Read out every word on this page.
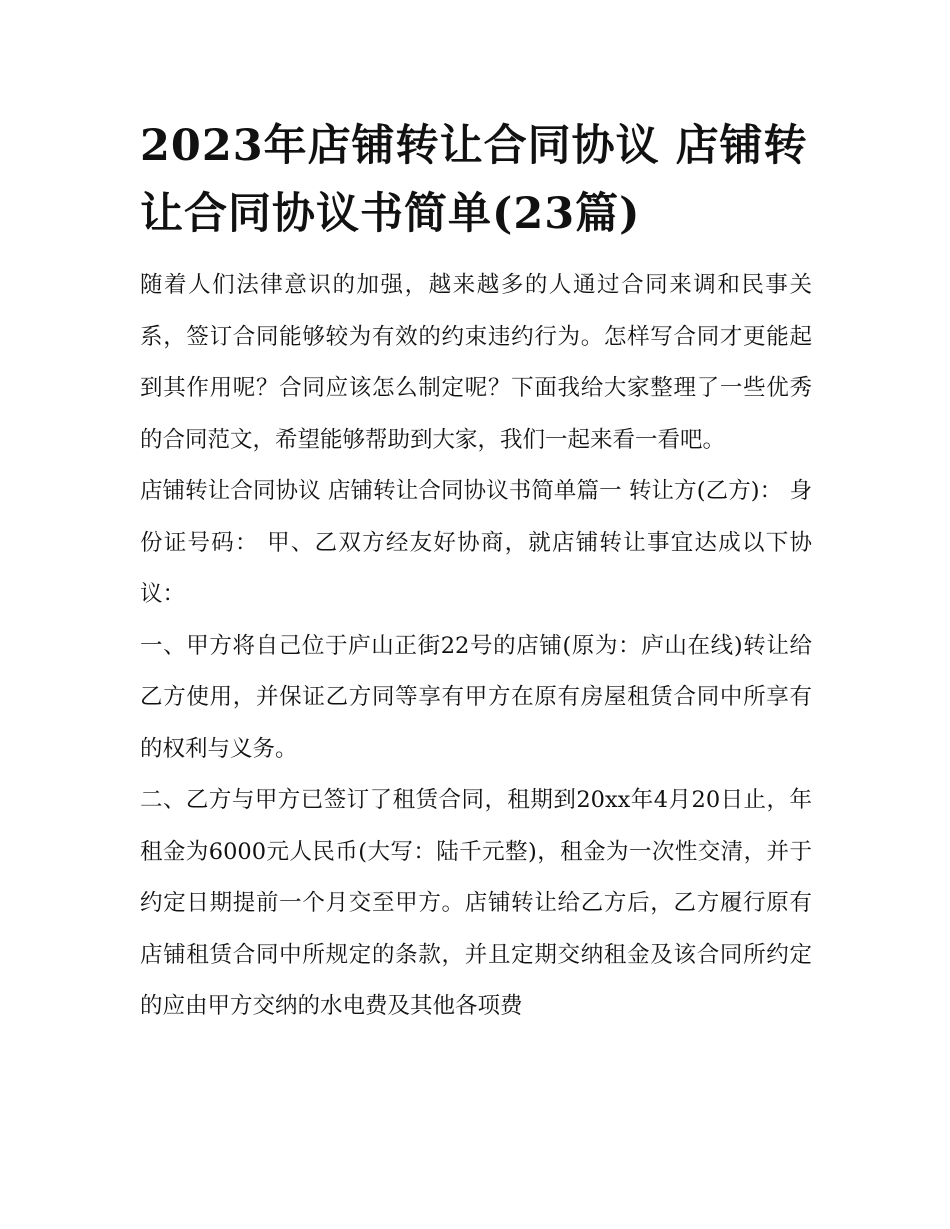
2023年店铺转让合同协议 店铺转让合同协议书简单(23篇)

随着人们法律意识的加强，越来越多的人通过合同来调和民事关系，签订合同能够较为有效的约束违约行为。怎样写合同才更能起到其作用呢？合同应该怎么制定呢？下面我给大家整理了一些优秀的合同范文，希望能够帮助到大家，我们一起来看一看吧。

店铺转让合同协议 店铺转让合同协议书简单篇一 转让方(乙方)： 身份证号码： 甲、乙双方经友好协商，就店铺转让事宜达成以下协议：

一、甲方将自己位于庐山正街22号的店铺(原为：庐山在线)转让给乙方使用，并保证乙方同等享有甲方在原有房屋租赁合同中所享有的权利与义务。

二、乙方与甲方已签订了租赁合同，租期到20xx年4月20日止，年租金为6000元人民币(大写：陆千元整)，租金为一次性交清，并于约定日期提前一个月交至甲方。店铺转让给乙方后，乙方履行原有店铺租赁合同中所规定的条款，并且定期交纳租金及该合同所约定的应由甲方交纳的水电费及其他各项费
